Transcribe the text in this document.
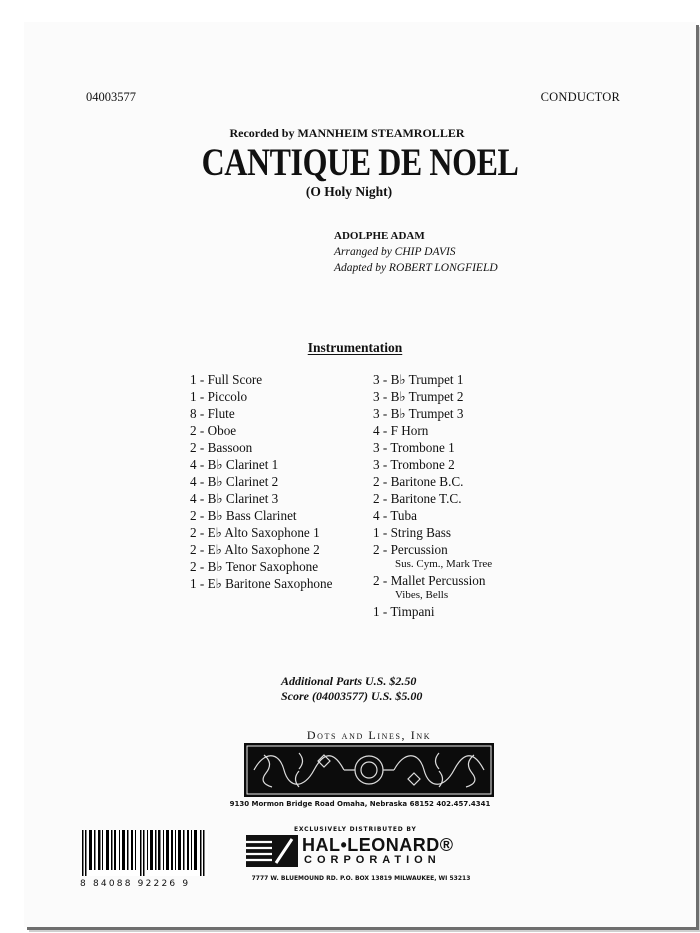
04003577	CONDUCTOR
Recorded by MANNHEIM STEAMROLLER
CANTIQUE DE NOEL
(O Holy Night)
ADOLPHE ADAM
Arranged by CHIP DAVIS
Adapted by ROBERT LONGFIELD
Instrumentation
1 - Full Score
1 - Piccolo
8 - Flute
2 - Oboe
2 - Bassoon
4 - B♭ Clarinet 1
4 - B♭ Clarinet 2
4 - B♭ Clarinet 3
2 - B♭ Bass Clarinet
2 - E♭ Alto Saxophone 1
2 - E♭ Alto Saxophone 2
2 - B♭ Tenor Saxophone
1 - E♭ Baritone Saxophone
3 - B♭ Trumpet 1
3 - B♭ Trumpet 2
3 - B♭ Trumpet 3
4 - F Horn
3 - Trombone 1
3 - Trombone 2
2 - Baritone B.C.
2 - Baritone T.C.
4 - Tuba
1 - String Bass
2 - Percussion
Sus. Cym., Mark Tree
2 - Mallet Percussion
Vibes, Bells
1 - Timpani
Additional Parts U.S. $2.50
Score (04003577) U.S. $5.00
Dots and Lines, Ink
9130 Mormon Bridge Road Omaha, Nebraska 68152 402.457.4341
8 84088 92226 9
EXCLUSIVELY DISTRIBUTED BY
HAL•LEONARD®
CORPORATION
7777 W. BLUEMOUND RD. P.O. BOX 13819 MILWAUKEE, WI 53213
